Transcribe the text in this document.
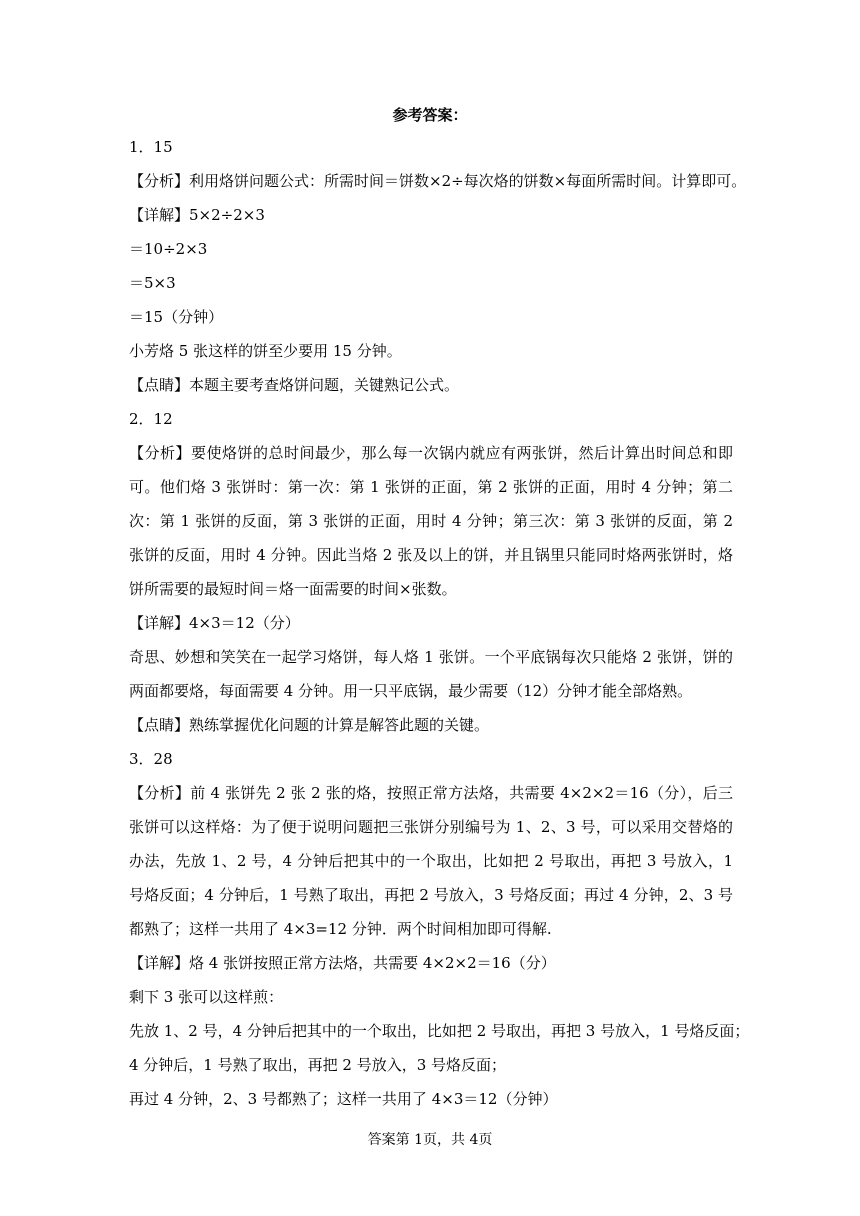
参考答案：
1．15
【分析】利用烙饼问题公式：所需时间＝饼数×2÷每次烙的饼数×每面所需时间。计算即可。
【详解】5×2÷2×3
＝10÷2×3
＝5×3
＝15（分钟）
小芳烙 5 张这样的饼至少要用 15 分钟。
【点睛】本题主要考查烙饼问题，关键熟记公式。
2．12
【分析】要使烙饼的总时间最少，那么每一次锅内就应有两张饼，然后计算出时间总和即可。他们烙 3 张饼时：第一次：第 1 张饼的正面，第 2 张饼的正面，用时 4 分钟；第二次：第 1 张饼的反面，第 3 张饼的正面，用时 4 分钟；第三次：第 3 张饼的反面，第 2 张饼的反面，用时 4 分钟。因此当烙 2 张及以上的饼，并且锅里只能同时烙两张饼时，烙饼所需要的最短时间＝烙一面需要的时间×张数。
【详解】4×3＝12（分）
奇思、妙想和笑笑在一起学习烙饼，每人烙 1 张饼。一个平底锅每次只能烙 2 张饼，饼的两面都要烙，每面需要 4 分钟。用一只平底锅，最少需要（12）分钟才能全部烙熟。
【点睛】熟练掌握优化问题的计算是解答此题的关键。
3．28
【分析】前 4 张饼先 2 张 2 张的烙，按照正常方法烙，共需要 4×2×2＝16（分），后三张饼可以这样烙：为了便于说明问题把三张饼分别编号为 1、2、3 号，可以采用交替烙的办法，先放 1、2 号，4 分钟后把其中的一个取出，比如把 2 号取出，再把 3 号放入，1 号烙反面；4 分钟后，1 号熟了取出，再把 2 号放入，3 号烙反面；再过 4 分钟，2、3 号都熟了；这样一共用了 4×3=12 分钟．两个时间相加即可得解.
【详解】烙 4 张饼按照正常方法烙，共需要 4×2×2＝16（分）
剩下 3 张可以这样煎：
先放 1、2 号，4 分钟后把其中的一个取出，比如把 2 号取出，再把 3 号放入，1 号烙反面；
4 分钟后，1 号熟了取出，再把 2 号放入，3 号烙反面；
再过 4 分钟，2、3 号都熟了；这样一共用了 4×3＝12（分钟）
答案第 1页，共 4页
